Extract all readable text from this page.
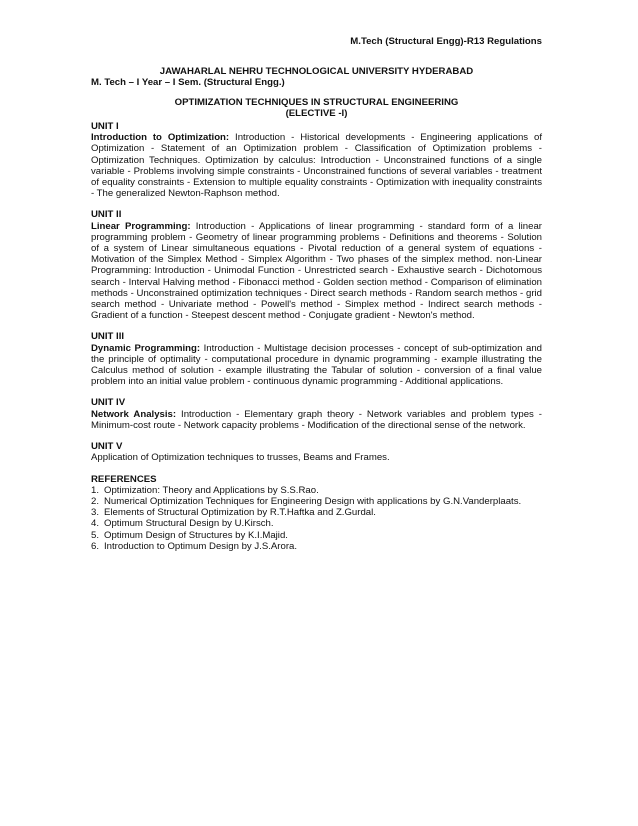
M.Tech (Structural Engg)-R13 Regulations
JAWAHARLAL NEHRU TECHNOLOGICAL UNIVERSITY HYDERABAD
M. Tech – I Year – I Sem. (Structural Engg.)
OPTIMIZATION TECHNIQUES IN STRUCTURAL ENGINEERING
(ELECTIVE -I)
UNIT I
Introduction to Optimization: Introduction - Historical developments - Engineering applications of Optimization - Statement of an Optimization problem - Classification of Optimization problems - Optimization Techniques. Optimization by calculus: Introduction - Unconstrained functions of a single variable - Problems involving simple constraints - Unconstrained functions of several variables - treatment of equality constraints - Extension to multiple equality constraints - Optimization with inequality constraints - The generalized Newton-Raphson method.
UNIT II
Linear Programming: Introduction - Applications of linear programming - standard form of a linear programming problem - Geometry of linear programming problems - Definitions and theorems - Solution of a system of Linear simultaneous equations - Pivotal reduction of a general system of equations - Motivation of the Simplex Method - Simplex Algorithm - Two phases of the simplex method. non-Linear Programming: Introduction - Unimodal Function - Unrestricted search - Exhaustive search - Dichotomous search - Interval Halving method - Fibonacci method - Golden section method - Comparison of elimination methods - Unconstrained optimization techniques - Direct search methods - Random search methos - grid search method - Univariate method - Powell's method - Simplex method - Indirect search methods - Gradient of a function - Steepest descent method - Conjugate gradient - Newton's method.
UNIT III
Dynamic Programming: Introduction - Multistage decision processes - concept of sub-optimization and the principle of optimality - computational procedure in dynamic programming - example illustrating the Calculus method of solution - example illustrating the Tabular of solution - conversion of a final value problem into an initial value problem - continuous dynamic programming - Additional applications.
UNIT IV
Network Analysis: Introduction - Elementary graph theory - Network variables and problem types - Minimum-cost route - Network capacity problems - Modification of the directional sense of the network.
UNIT V
Application of Optimization techniques to trusses, Beams and Frames.
REFERENCES
1. Optimization: Theory and Applications by S.S.Rao.
2. Numerical Optimization Techniques for Engineering Design with applications by G.N.Vanderplaats.
3. Elements of Structural Optimization by R.T.Haftka and Z.Gurdal.
4. Optimum Structural Design by U.Kirsch.
5. Optimum Design of Structures by K.I.Majid.
6. Introduction to Optimum Design by J.S.Arora.
